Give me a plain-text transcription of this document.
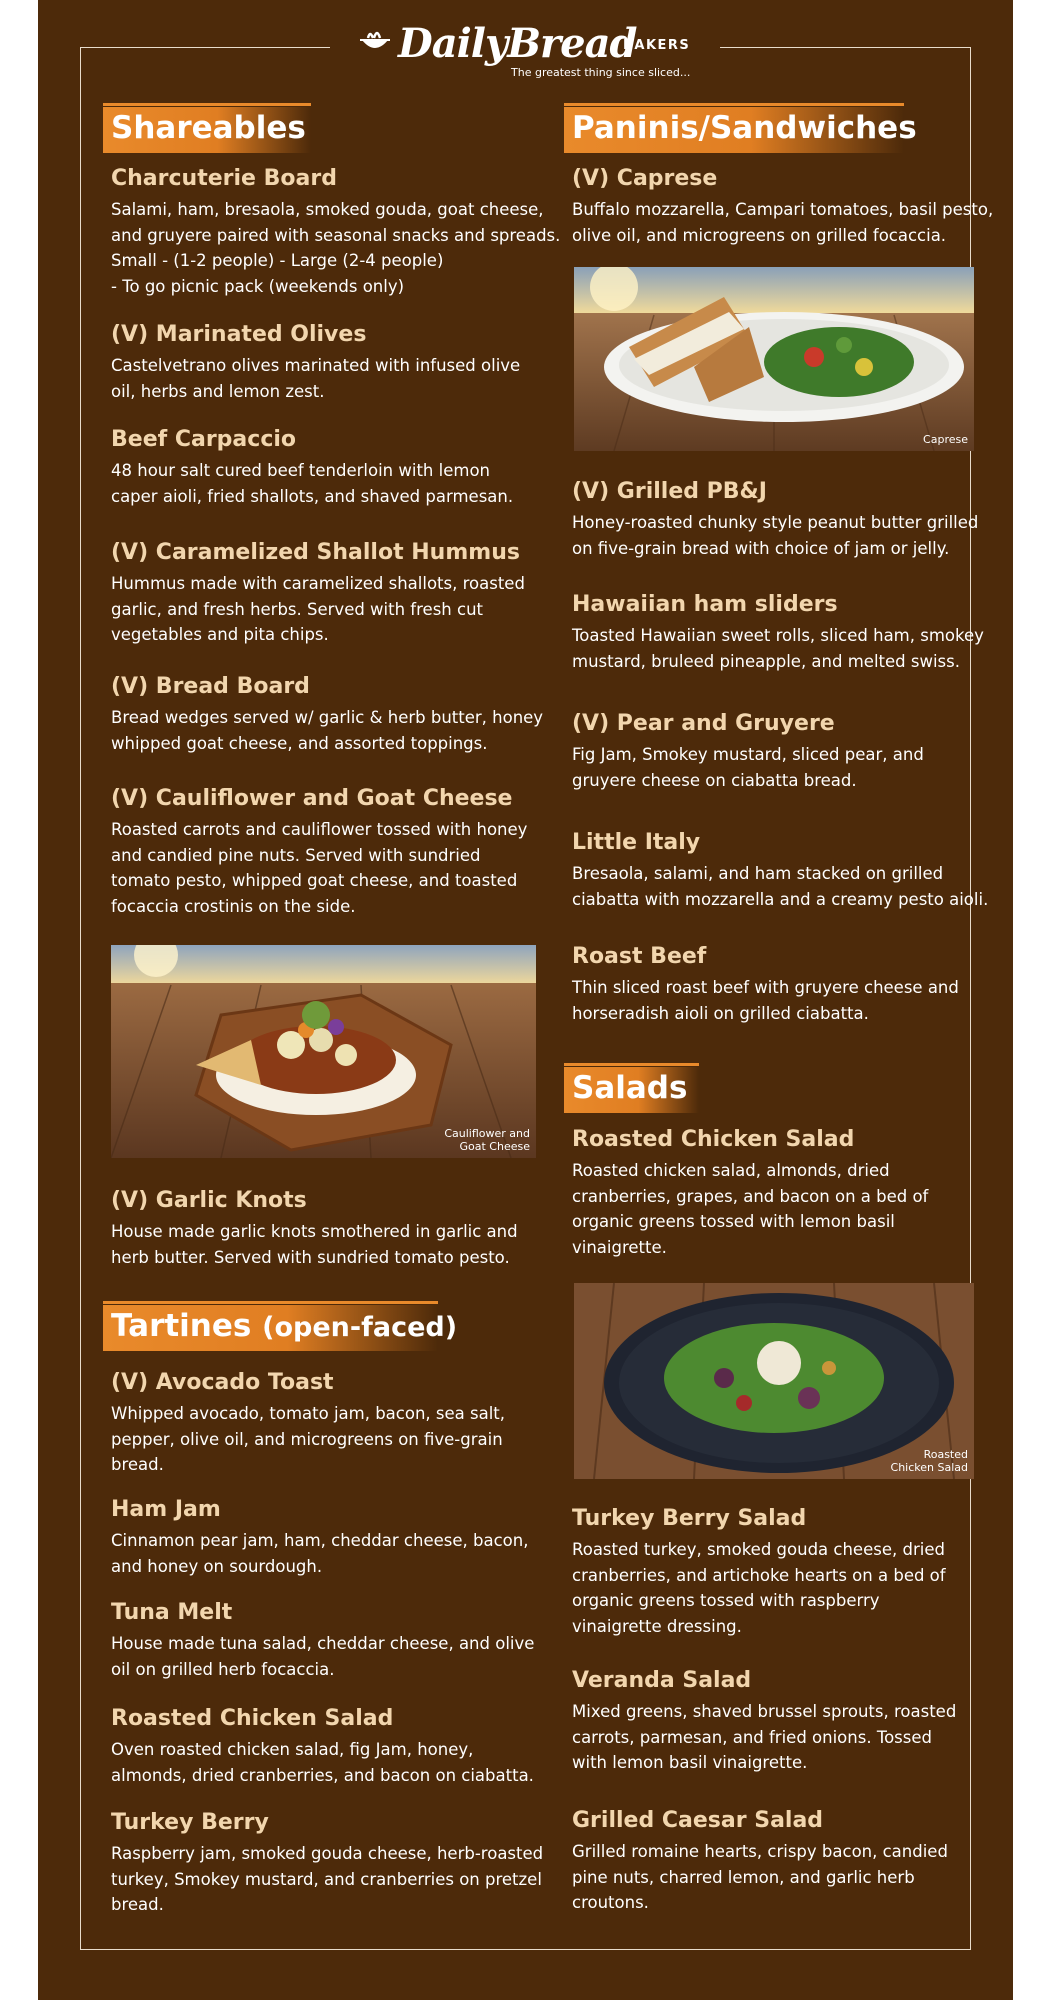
DailyBread
BAKERS
The greatest thing since sliced...
Shareables
Charcuterie Board
Salami, ham, bresaola, smoked gouda, goat cheese,
and gruyere paired with seasonal snacks and spreads.
Small - (1-2 people) - Large (2-4 people)
- To go picnic pack (weekends only)
(V) Marinated Olives
Castelvetrano olives marinated with infused olive
oil, herbs and lemon zest.
Beef Carpaccio
48 hour salt cured beef tenderloin with lemon
caper aioli, fried shallots, and shaved parmesan.
(V) Caramelized Shallot Hummus
Hummus made with caramelized shallots, roasted
garlic, and fresh herbs. Served with fresh cut
vegetables and pita chips.
(V) Bread Board
Bread wedges served w/ garlic & herb butter, honey
whipped goat cheese, and assorted toppings.
(V) Cauliflower and Goat Cheese
Roasted carrots and cauliflower tossed with honey
and candied pine nuts. Served with sundried
tomato pesto, whipped goat cheese, and toasted
focaccia crostinis on the side.
Cauliflower and
Goat Cheese
(V) Garlic Knots
House made garlic knots smothered in garlic and
herb butter. Served with sundried tomato pesto.
Tartines (open-faced)
(V) Avocado Toast
Whipped avocado, tomato jam, bacon, sea salt,
pepper, olive oil, and microgreens on five-grain
bread.
Ham Jam
Cinnamon pear jam, ham, cheddar cheese, bacon,
and honey on sourdough.
Tuna Melt
House made tuna salad, cheddar cheese, and olive
oil on grilled herb focaccia.
Roasted Chicken Salad
Oven roasted chicken salad, fig Jam, honey,
almonds, dried cranberries, and bacon on ciabatta.
Turkey Berry
Raspberry jam, smoked gouda cheese, herb-roasted
turkey, Smokey mustard, and cranberries on pretzel
bread.
Paninis/Sandwiches
(V) Caprese
Buffalo mozzarella, Campari tomatoes, basil pesto,
olive oil, and microgreens on grilled focaccia.
Caprese
(V) Grilled PB&J
Honey-roasted chunky style peanut butter grilled
on five-grain bread with choice of jam or jelly.
Hawaiian ham sliders
Toasted Hawaiian sweet rolls, sliced ham, smokey
mustard, bruleed pineapple, and melted swiss.
(V) Pear and Gruyere
Fig Jam, Smokey mustard, sliced pear, and
gruyere cheese on ciabatta bread.
Little Italy
Bresaola, salami, and ham stacked on grilled
ciabatta with mozzarella and a creamy pesto aioli.
Roast Beef
Thin sliced roast beef with gruyere cheese and
horseradish aioli on grilled ciabatta.
Salads
Roasted Chicken Salad
Roasted chicken salad, almonds, dried
cranberries, grapes, and bacon on a bed of
organic greens tossed with lemon basil
vinaigrette.
Roasted
Chicken Salad
Turkey Berry Salad
Roasted turkey, smoked gouda cheese, dried
cranberries, and artichoke hearts on a bed of
organic greens tossed with raspberry
vinaigrette dressing.
Veranda Salad
Mixed greens, shaved brussel sprouts, roasted
carrots, parmesan, and fried onions. Tossed
with lemon basil vinaigrette.
Grilled Caesar Salad
Grilled romaine hearts, crispy bacon, candied
pine nuts, charred lemon, and garlic herb
croutons.
